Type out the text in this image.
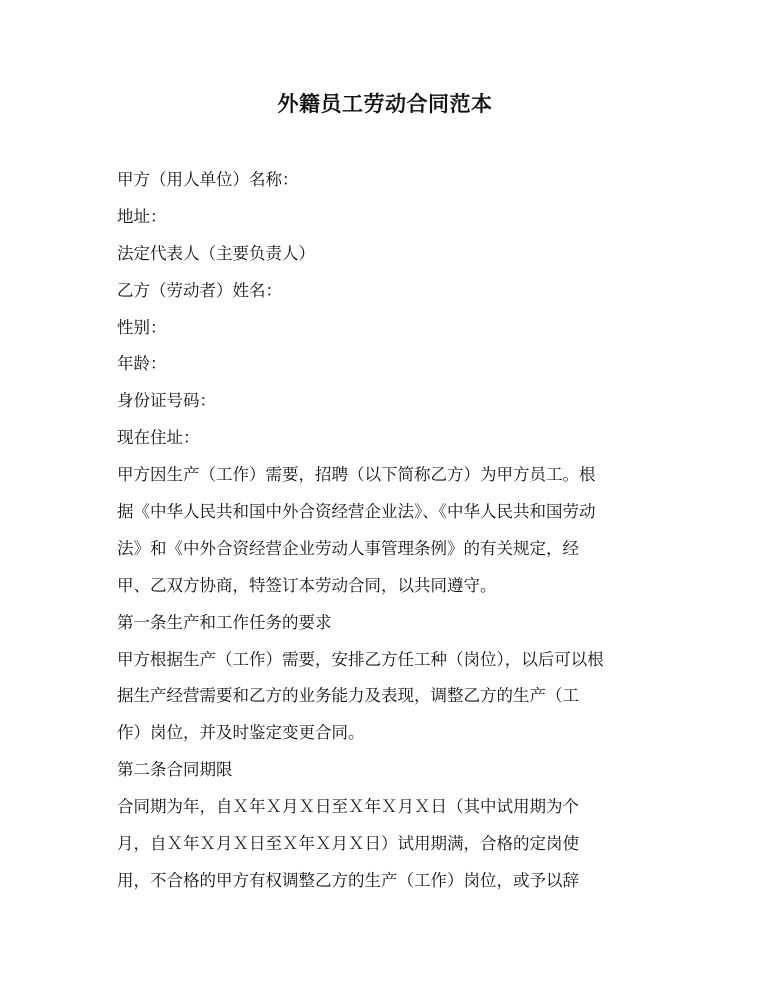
外籍员工劳动合同范本
甲方（用人单位）名称：
地址：
法定代表人（主要负责人）
乙方（劳动者）姓名：
性别：
年龄：
身份证号码：
现在住址：
甲方因生产（工作）需要，招聘（以下简称乙方）为甲方员工。根
据《中华人民共和国中外合资经营企业法》、《中华人民共和国劳动
法》和《中外合资经营企业劳动人事管理条例》的有关规定，经
甲、乙双方协商，特签订本劳动合同，以共同遵守。
第一条生产和工作任务的要求
甲方根据生产（工作）需要，安排乙方任工种（岗位），以后可以根
据生产经营需要和乙方的业务能力及表现，调整乙方的生产（工
作）岗位，并及时鉴定变更合同。
第二条合同期限
合同期为年，自Ｘ年Ｘ月Ｘ日至Ｘ年Ｘ月Ｘ日（其中试用期为个
月，自Ｘ年Ｘ月Ｘ日至Ｘ年Ｘ月Ｘ日）试用期满，合格的定岗使
用，不合格的甲方有权调整乙方的生产（工作）岗位，或予以辞
